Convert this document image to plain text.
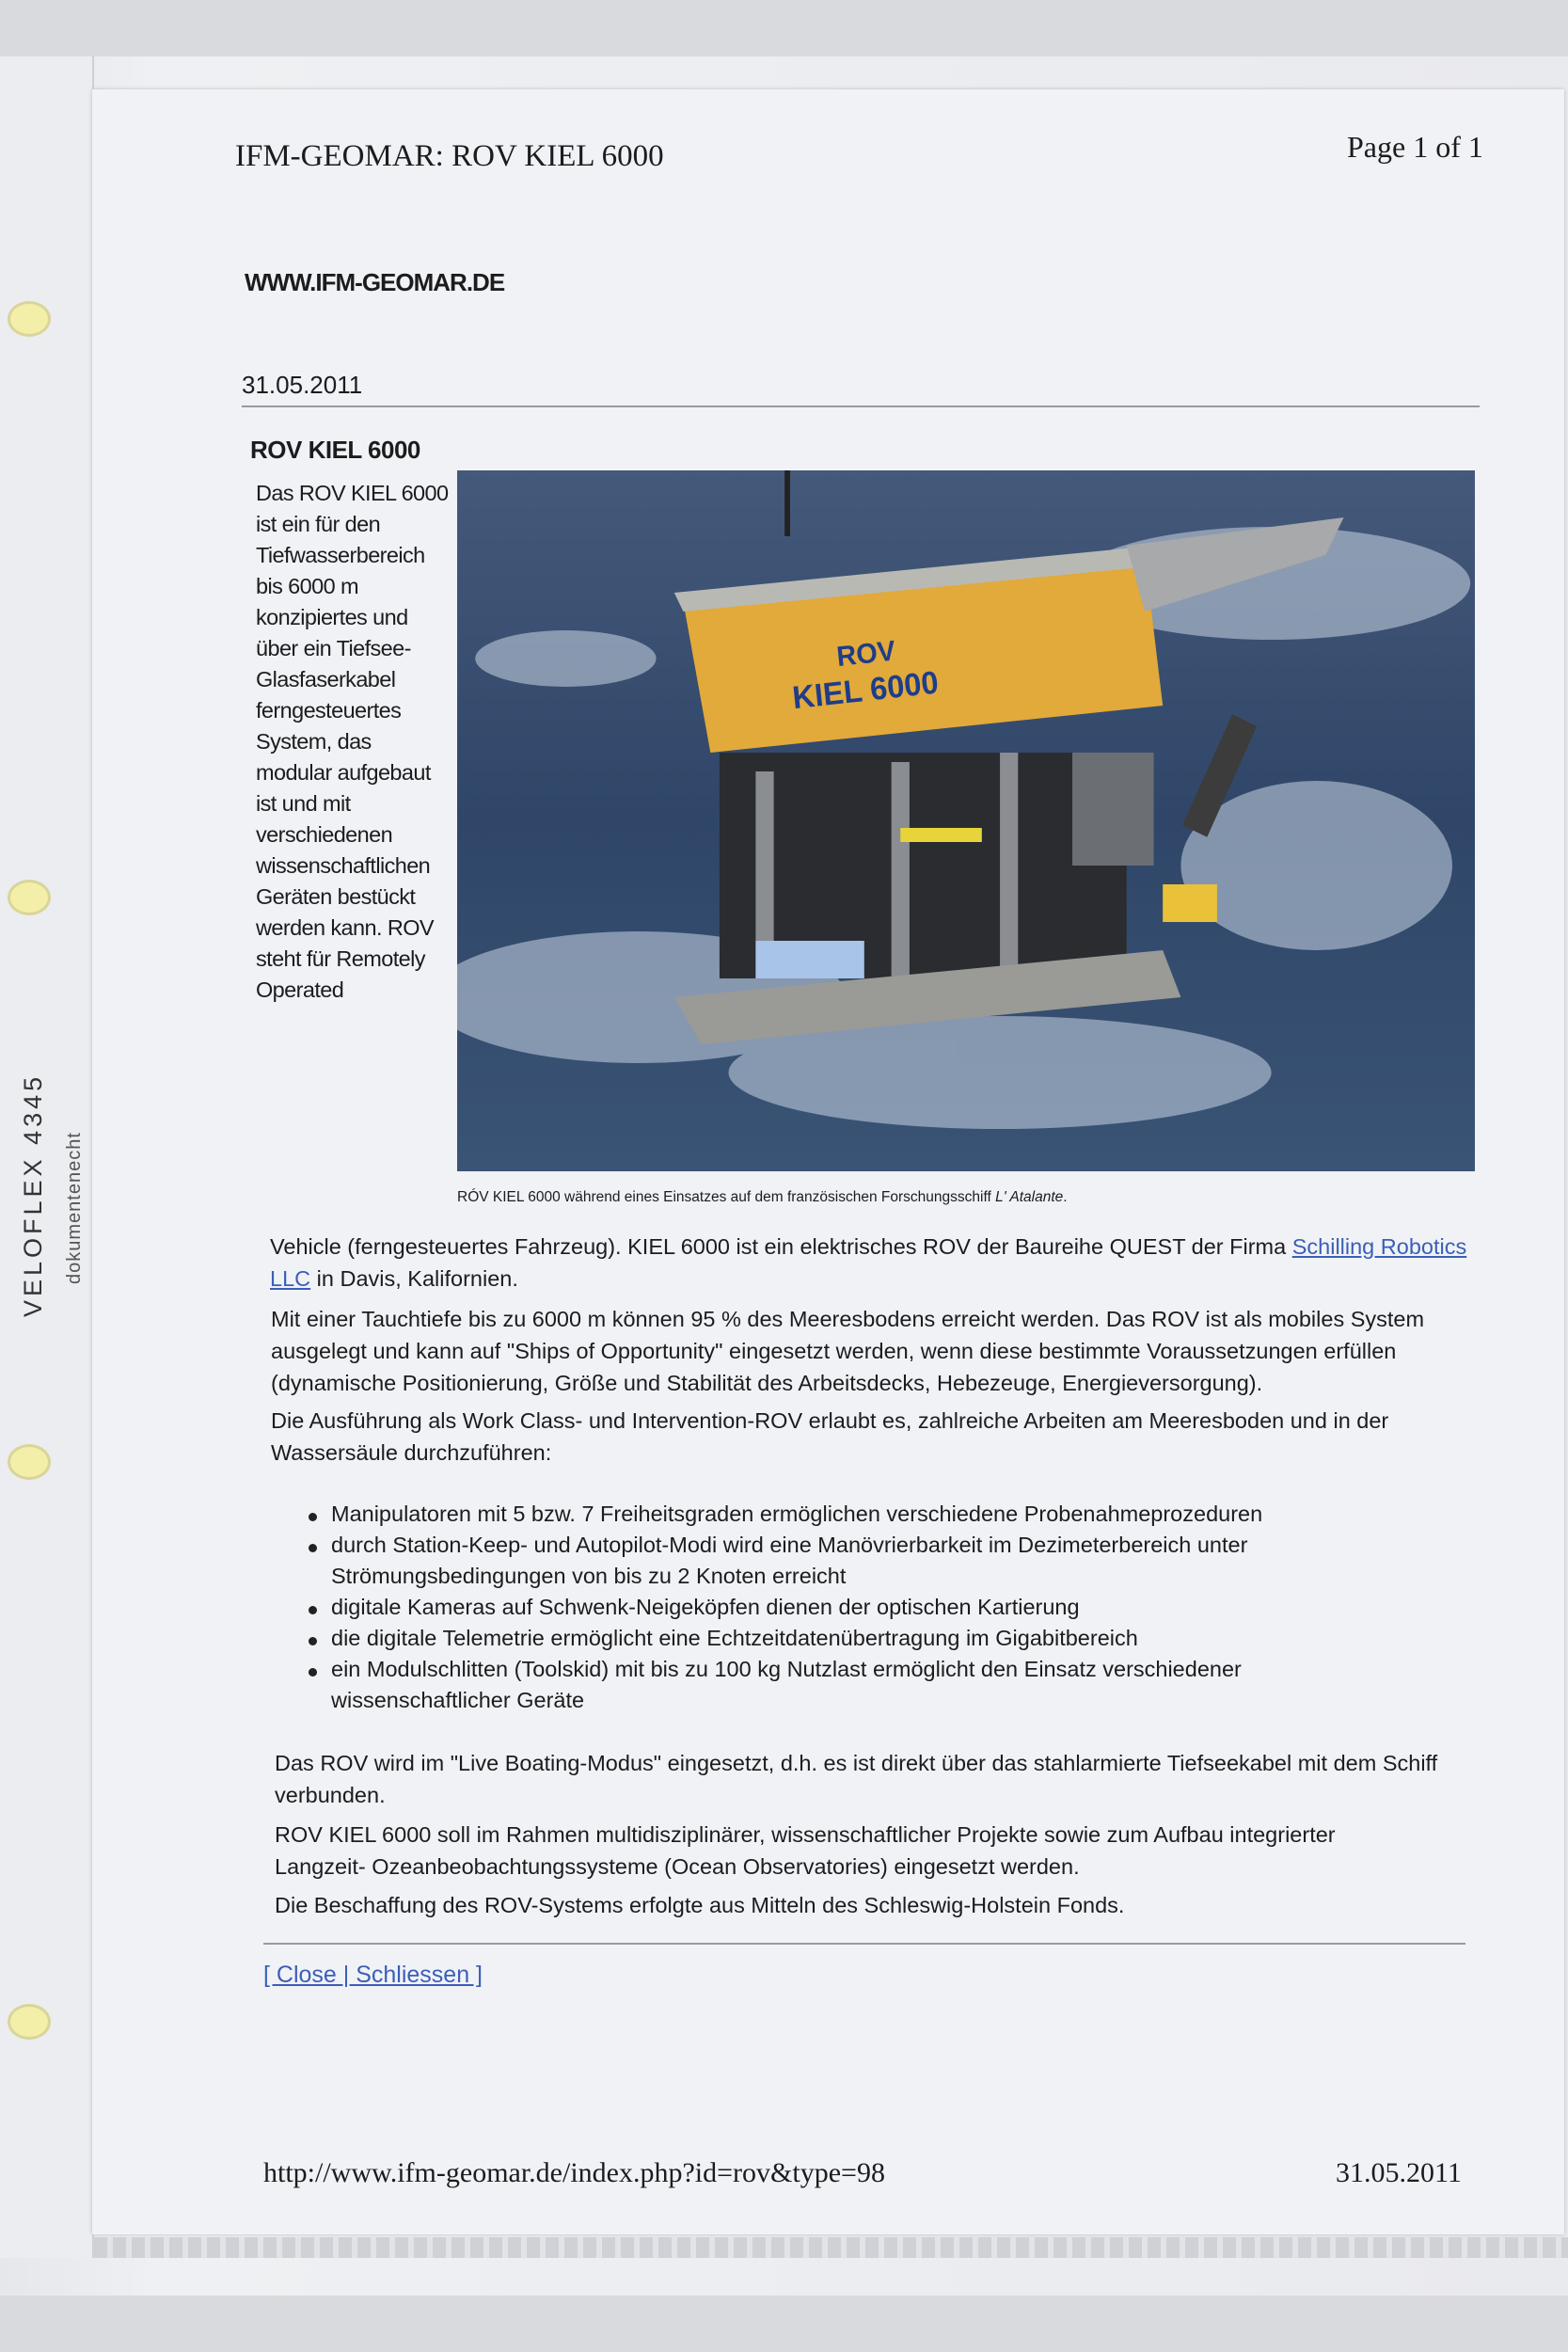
VELOFLEX 4345 dokumentenecht
IFM-GEOMAR: ROV KIEL 6000	Page 1 of 1
WWW.IFM-GEOMAR.DE
31.05.2011
ROV KIEL 6000
Das ROV KIEL 6000 ist ein für den Tiefwasserbereich bis 6000 m konzipiertes und über ein Tiefsee-Glasfaserkabel ferngesteuertes System, das modular aufgebaut ist und mit verschiedenen wissenschaftlichen Geräten bestückt werden kann. ROV steht für Remotely Operated
KIEL 6000
ROV
RÓV KIEL 6000 während eines Einsatzes auf dem französischen Forschungsschiff L' Atalante.
Vehicle (ferngesteuertes Fahrzeug). KIEL 6000 ist ein elektrisches ROV der Baureihe QUEST der Firma Schilling Robotics LLC in Davis, Kalifornien.
Mit einer Tauchtiefe bis zu 6000 m können 95 % des Meeresbodens erreicht werden. Das ROV ist als mobiles System ausgelegt und kann auf "Ships of Opportunity" eingesetzt werden, wenn diese bestimmte Voraussetzungen erfüllen (dynamische Positionierung, Größe und Stabilität des Arbeitsdecks, Hebezeuge, Energieversorgung).
Die Ausführung als Work Class- und Intervention-ROV erlaubt es, zahlreiche Arbeiten am Meeresboden und in der Wassersäule durchzuführen:
Manipulatoren mit 5 bzw. 7 Freiheitsgraden ermöglichen verschiedene Probenahmeprozeduren
durch Station-Keep- und Autopilot-Modi wird eine Manövrierbarkeit im Dezimeterbereich unter Strömungsbedingungen von bis zu 2 Knoten erreicht
digitale Kameras auf Schwenk-Neigeköpfen dienen der optischen Kartierung
die digitale Telemetrie ermöglicht eine Echtzeitdatenübertragung im Gigabitbereich
ein Modulschlitten (Toolskid) mit bis zu 100 kg Nutzlast ermöglicht den Einsatz verschiedener wissenschaftlicher Geräte
Das ROV wird im "Live Boating-Modus" eingesetzt, d.h. es ist direkt über das stahlarmierte Tiefseekabel mit dem Schiff verbunden.
ROV KIEL 6000 soll im Rahmen multidisziplinärer, wissenschaftlicher Projekte sowie zum Aufbau integrierter Langzeit- Ozeanbeobachtungssysteme (Ocean Observatories) eingesetzt werden.
Die Beschaffung des ROV-Systems erfolgte aus Mitteln des Schleswig-Holstein Fonds.
[ Close | Schliessen ]
http://www.ifm-geomar.de/index.php?id=rov&type=98	31.05.2011
